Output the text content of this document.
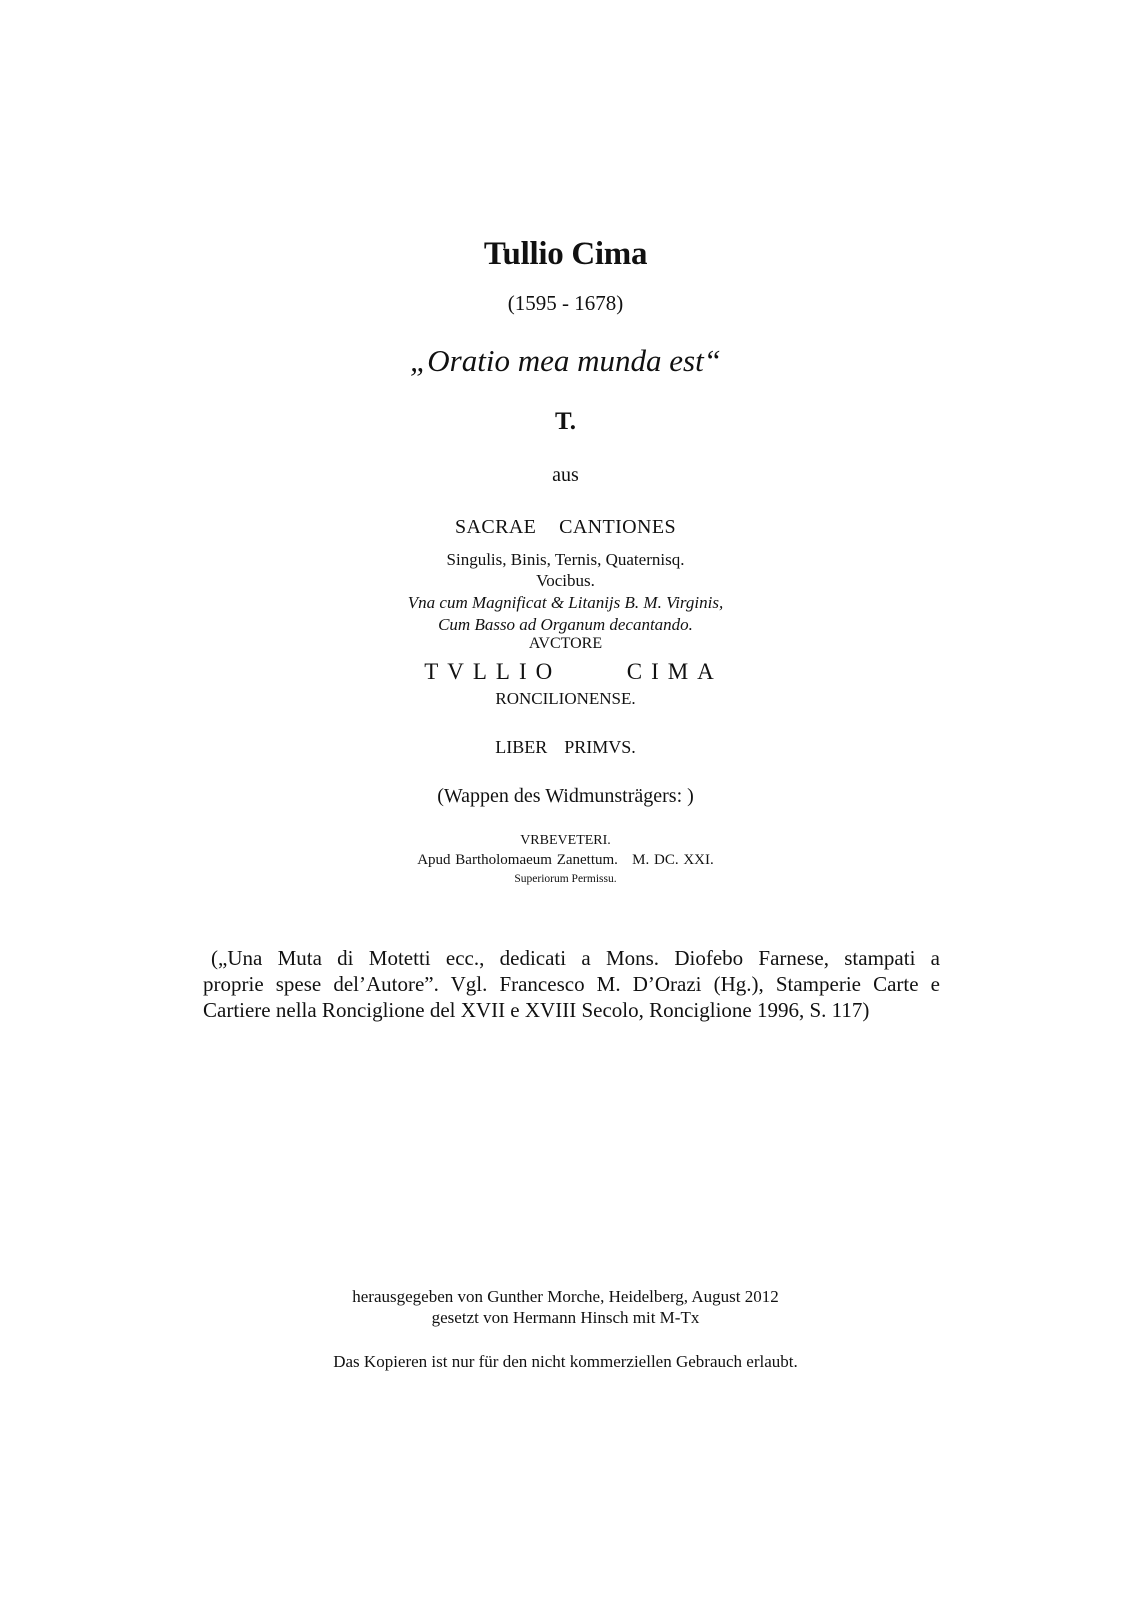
Tullio Cima
(1595 - 1678)
„Oratio mea munda est“
T.
aus
SACRAE  CANTIONES
Singulis, Binis, Ternis, Quaternisq.
Vocibus.
Vna cum Magnificat & Litanijs B. M. Virginis,
Cum Basso ad Organum decantando.
AVCTORE
TVLLIO  CIMA
RONCILIONENSE.
LIBER  PRIMVS.
(Wappen des Widmunsträgers: )
VRBEVETERI.
Apud Bartholomaeum Zanettum.   M. DC. XXI.
Superiorum Permissu.
(„Una Muta di Motetti ecc., dedicati a Mons. Diofebo Farnese, stampati a
proprie spese del’Autore”. Vgl. Francesco M. D’Orazi (Hg.), Stamperie Carte e
Cartiere nella Ronciglione del XVII e XVIII Secolo, Ronciglione 1996, S. 117)
herausgegeben von Gunther Morche, Heidelberg, August 2012
gesetzt von Hermann Hinsch mit M-Tx
Das Kopieren ist nur für den nicht kommerziellen Gebrauch erlaubt.
